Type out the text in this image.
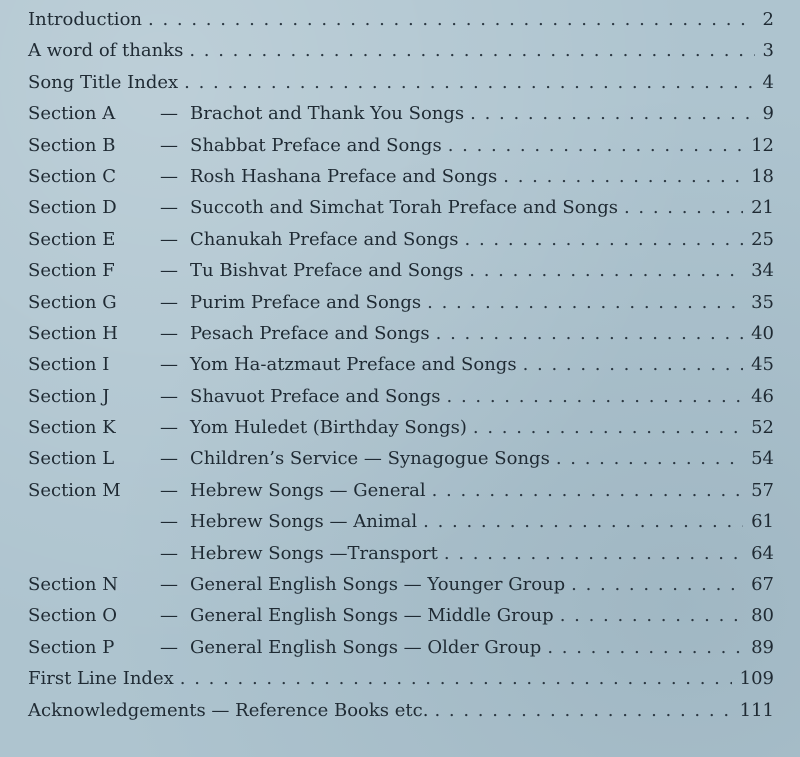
Introduction . . .	2
A word of thanks . . .	3
Song Title Index . . .	4
Section A — Brachot and Thank You Songs . . .	9
Section B — Shabbat Preface and Songs . . .	12
Section C — Rosh Hashana Preface and Songs . . .	18
Section D — Succoth and Simchat Torah Preface and Songs . . .	21
Section E — Chanukah Preface and Songs . . .	25
Section F	— Tu Bishvat Preface and Songs . . .	34
Section G — Purim Preface and Songs . . .	35
Section H — Pesach Preface and Songs . . .	40
Section I	— Yom Ha-atzmaut Preface and Songs . . .	45
Section J	— Shavuot Preface and Songs . . .	46
Section K — Yom Huledet (Birthday Songs) . . .	52
Section L	— Children’s Service — Synagogue Songs . . .	54
Section M — Hebrew Songs — General . . .	57
— Hebrew Songs — Animal . . .	61
— Hebrew Songs —Transport . . .	64
Section N — General English Songs — Younger Group . . .	67
Section O — General English Songs — Middle Group . . .	80
Section P	— General English Songs — Older Group . . .	89
First Line Index . . .	109
Acknowledgements — Reference Books etc. . . .	111
